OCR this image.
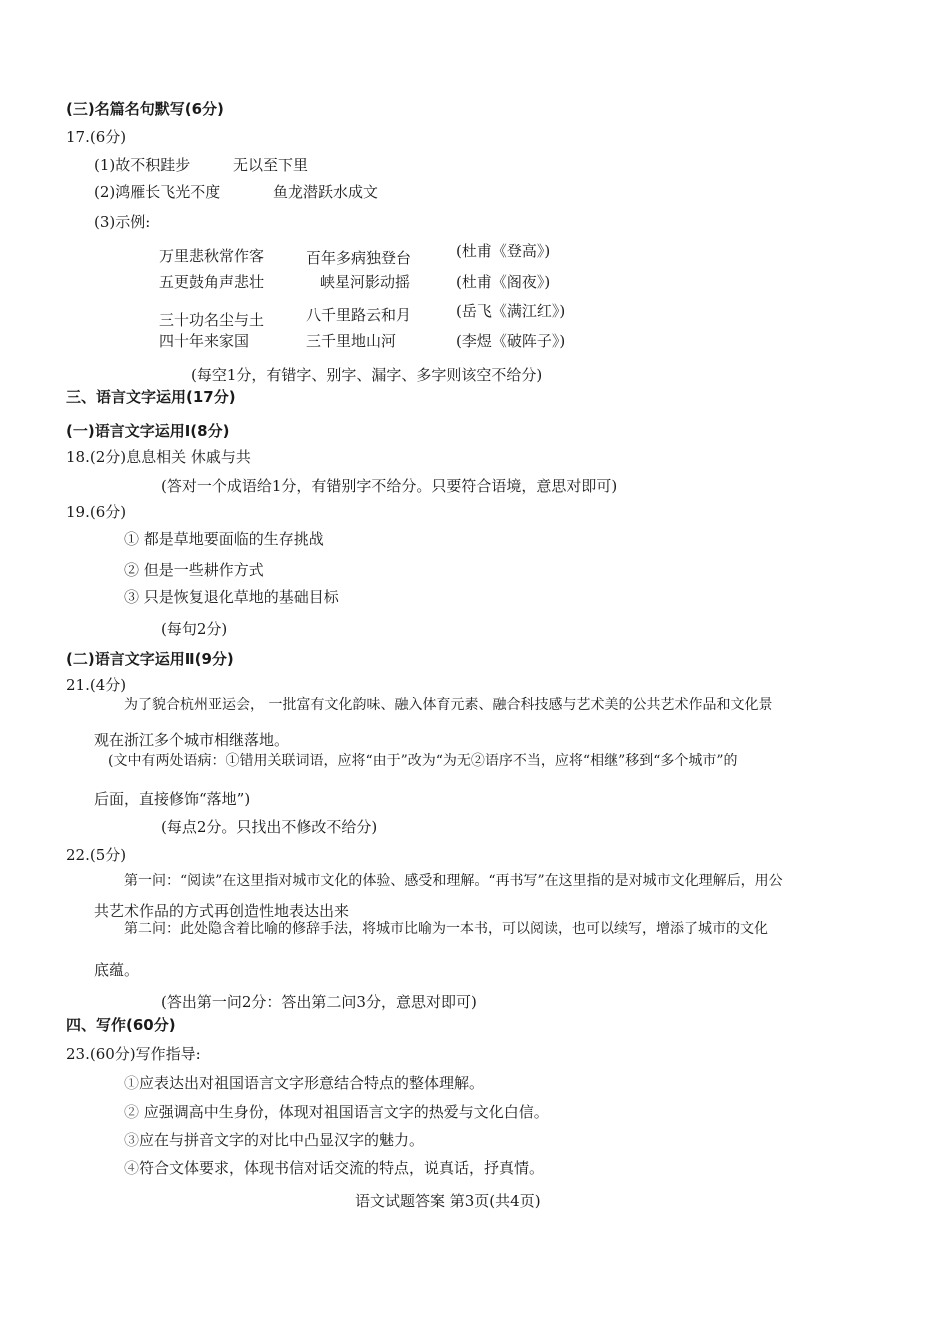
(三)名篇名句默写(6分)
17.(6分)
(1)故不积跬步	无以至下里
(2)鸿雁长飞光不度	鱼龙潜跃水成文
(3)示例:
万里悲秋常作客	百年多病独登台	(杜甫《登高》)
五更鼓角声悲壮	峡星河影动摇	(杜甫《阁夜》)
三十功名尘与土	八千里路云和月	(岳飞《满江红》)
四十年来家国	三千里地山河	(李煜《破阵子》)
(每空1分，有错字、别字、漏字、多字则该空不给分)
三、语言文字运用(17分)
(一)语言文字运用Ⅰ(8分)
18.(2分)息息相关 休戚与共
(答对一个成语给1分，有错别字不给分。只要符合语境，意思对即可)
19.(6分)
① 都是草地要面临的生存挑战
② 但是一些耕作方式
③ 只是恢复退化草地的基础目标
(每句2分)
(二)语言文字运用Ⅱ(9分)
21.(4分)
为了貌合杭州亚运会， 一批富有文化韵味、融入体育元素、融合科技感与艺术美的公共艺术作品和文化景
观在浙江多个城市相继落地。
(文中有两处语病：①错用关联词语，应将“由于”改为“为无②语序不当，应将“相继”移到“多个城市”的
后面，直接修饰“落地”)
(每点2分。只找出不修改不给分)
22.(5分)
第一问：“阅读”在这里指对城市文化的体验、感受和理解。“再书写”在这里指的是对城市文化理解后，用公
共艺术作品的方式再创造性地表达出来
第二问：此处隐含着比喻的修辞手法，将城市比喻为一本书，可以阅读，也可以续写，增添了城市的文化
底蕴。
(答出第一问2分：答出第二问3分，意思对即可)
四、写作(60分)
23.(60分)写作指导:
①应表达出对祖国语言文字形意结合特点的整体理解。
② 应强调高中生身份，体现对祖国语言文字的热爱与文化白信。
③应在与拼音文字的对比中凸显汉字的魅力。
④符合文体要求，体现书信对话交流的特点，说真话，抒真情。
语文试题答案 第3页(共4页)
